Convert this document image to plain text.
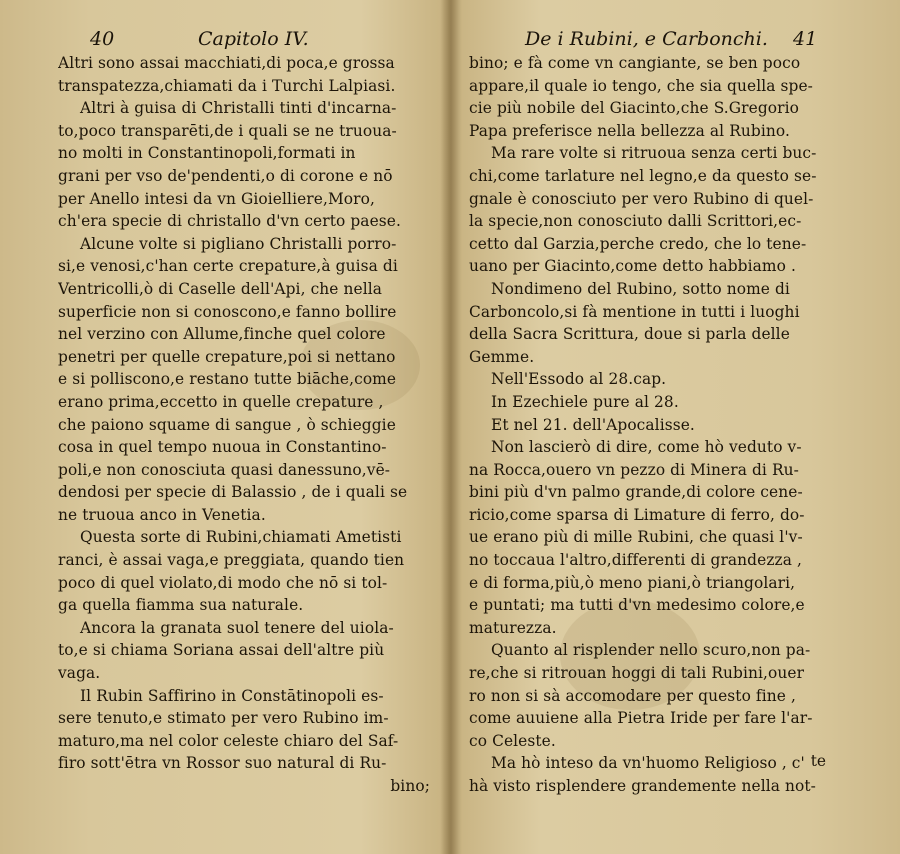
40	Capitolo IV.
Altri sono assai macchiati,di poca,e grossa
transpatezza,chiamati da i Turchi Lalpiasi.
Altri à guisa di Christalli tinti d'incarna-
to,poco transparēti,de i quali se ne truoua-
no molti in Constantinopoli,formati in
grani per vso de'pendenti,o di corone e nō
per Anello intesi da vn Gioielliere,Moro,
ch'era specie di christallo d'vn certo paese.
Alcune volte si pigliano Christalli porro-
si,e venosi,c'han certe crepature,à guisa di
Ventricolli,ò di Caselle dell'Api, che nella
superficie non si conoscono,e fanno bollire
nel verzino con Allume,finche quel colore
penetri per quelle crepature,poi si nettano
e si polliscono,e restano tutte biāche,come
erano prima,eccetto in quelle crepature ,
che paiono squame di sangue , ò schieggie
cosa in quel tempo nuoua in Constantino-
poli,e non conosciuta quasi danessuno,vē-
dendosi per specie di Balassio , de i quali se
ne truoua anco in Venetia.
Questa sorte di Rubini,chiamati Ametisti
ranci, è assai vaga,e preggiata, quando tien
poco di quel violato,di modo che nō si tol-
ga quella fiamma sua naturale.
Ancora la granata suol tenere del uiola-
to,e si chiama Soriana assai dell'altre più
vaga.
Il Rubin Saffirino in Constātinopoli es-
sere tenuto,e stimato per vero Rubino im-
maturo,ma nel color celeste chiaro del Saf-
firo sott'ētra vn Rossor suo natural di Ru-
bino;
De i Rubini, e Carbonchi. 41
bino; e fà come vn cangiante, se ben poco
appare,il quale io tengo, che sia quella spe-
cie più nobile del Giacinto,che S.Gregorio
Papa preferisce nella bellezza al Rubino.
Ma rare volte si ritruoua senza certi buc-
chi,come tarlature nel legno,e da questo se-
gnale è conosciuto per vero Rubino di quel-
la specie,non conosciuto dalli Scrittori,ec-
cetto dal Garzia,perche credo, che lo tene-
uano per Giacinto,come detto habbiamo .
Nondimeno del Rubino, sotto nome di
Carboncolo,si fà mentione in tutti i luoghi
della Sacra Scrittura, doue si parla delle
Gemme.
Nell'Essodo al 28.cap.
In Ezechiele pure al 28.
Et nel 21. dell'Apocalisse.
Non lascierò di dire, come hò veduto v-
na Rocca,ouero vn pezzo di Minera di Ru-
bini più d'vn palmo grande,di colore cene-
ricio,come sparsa di Limature di ferro, do-
ue erano più di mille Rubini, che quasi l'v-
no toccaua l'altro,differenti di grandezza ,
e di forma,più,ò meno piani,ò triangolari,
e puntati; ma tutti d'vn medesimo colore,e
maturezza.
Quanto al risplender nello scuro,non pa-
re,che si ritrouan hoggi di tali Rubini,ouer
ro non si sà accomodare per questo fine ,
come auuiene alla Pietra Iride per fare l'ar-
co Celeste.
Ma hò inteso da vn'huomo Religioso , c'
hà visto risplendere grandemente nella not-
te
